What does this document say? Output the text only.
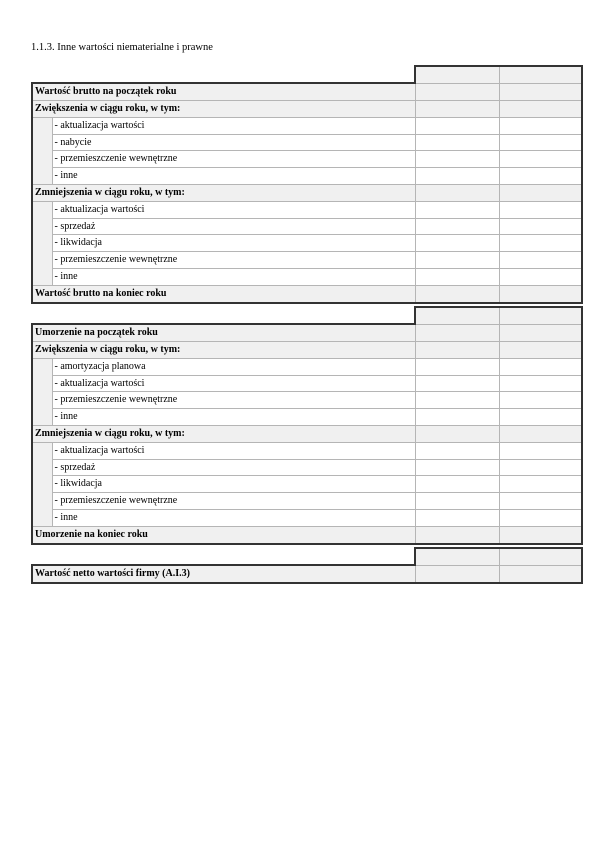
1.1.3. Inne wartości niematerialne i prawne

Wartość brutto na początek roku			
Zwiększenia w ciągu roku, w tym:			
	- aktualizacja wartości		
	- nabycie		
	- przemieszczenie wewnętrzne		
	- inne		
Zmniejszenia w ciągu roku, w tym:			
	- aktualizacja wartości		
	- sprzedaż		
	- likwidacja		
	- przemieszczenie wewnętrzne		
	- inne		
Wartość brutto na koniec roku			

Umorzenie na początek roku			
Zwiększenia w ciągu roku, w tym:			
	- amortyzacja planowa		
	- aktualizacja wartości		
	- przemieszczenie wewnętrzne		
	- inne		
Zmniejszenia w ciągu roku, w tym:			
	- aktualizacja wartości		
	- sprzedaż		
	- likwidacja		
	- przemieszczenie wewnętrzne		
	- inne		
Umorzenie na koniec roku			

Wartość netto wartości firmy (A.I.3)		
